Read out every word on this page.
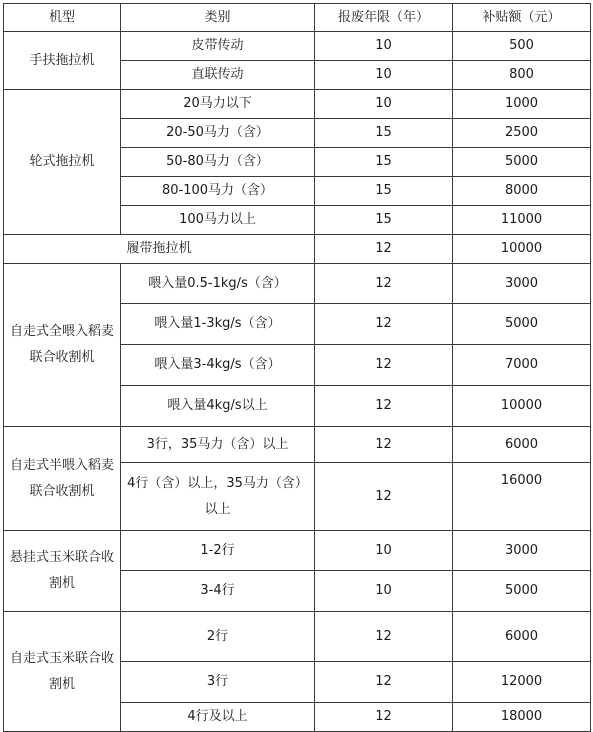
机型	类别	报废年限（年）	补贴额（元）
手扶拖拉机	皮带传动	10	500
	直联传动	10	800
轮式拖拉机	20马力以下	10	1000
	20-50马力（含）	15	2500
	50-80马力（含）	15	5000
	80-100马力（含）	15	8000
	100马力以上	15	11000
履带拖拉机		12	10000
自走式全喂入稻麦联合收割机	喂入量0.5-1kg/s（含）	12	3000
	喂入量1-3kg/s（含）	12	5000
	喂入量3-4kg/s（含）	12	7000
	喂入量4kg/s以上	12	10000
自走式半喂入稻麦联合收割机	3行，35马力（含）以上	12	6000
	4行（含）以上，35马力（含）以上	12	16000
悬挂式玉米联合收割机	1-2行	10	3000
	3-4行	10	5000
自走式玉米联合收割机	2行	12	6000
	3行	12	12000
	4行及以上	12	18000
